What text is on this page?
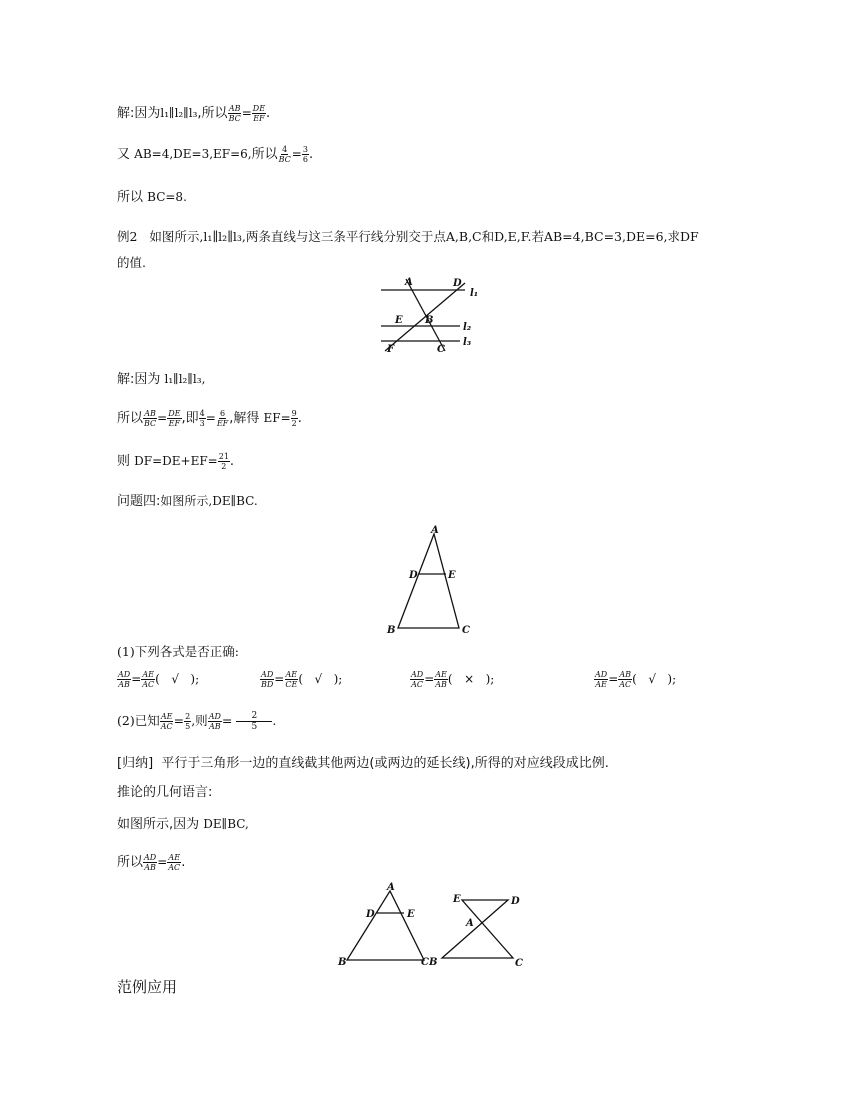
解:因为l₁∥l₂∥l₃,所以 $\frac{AB}{BC} = \frac{DE}{EF}$ .
又 AB=4,DE=3,EF=6,所以 $\frac{4}{BC} = \frac{3}{6}$ .
所以 BC=8.
例2 如图所示,l₁∥l₂∥l₃,两条直线与这三条平行线分别交于点A,B,C和D,E,F.若AB=4,BC=3,DE=6,求DF
的值.
A	D
l₁
E B
l₂
F	C
l₃
解:因为 l₁∥l₂∥l₃,
所以 $\frac{AB}{BC} = \frac{DE}{EF}$ ,即 $\frac{4}{3} = \frac{6}{EF}$ ,解得 $EF= \frac{9}{2}$ .
则 $DF=DE+EF= \frac{21}{2}$ .
问题四:如图所示,DE∥BC.
A
D	E
B	C
(1)下列各式是否正确:
$\frac{AD}{AB} = \frac{AE}{AC}$ ( √ );	$\frac{AD}{BD} = \frac{AE}{CE}$ ( √ );	$\frac{AD}{AC} = \frac{AE}{AB}$ ( × );	$\frac{AD}{AE} = \frac{AB}{AC}$ ( √ );
(2)已知 $\frac{AE}{AC} = \frac{2}{5}$ ,则 $\frac{AD}{AB} = \frac{2}{5}$ .
[归纳] 平行于三角形一边的直线截其他两边(或两边的延长线),所得的对应线段成比例.
推论的几何语言:
如图所示,因为 DE∥BC,
所以 $\frac{AD}{AB} = \frac{AE}{AC}$ .
A
D	E
B	CB
E	D
A
C
范例应用
